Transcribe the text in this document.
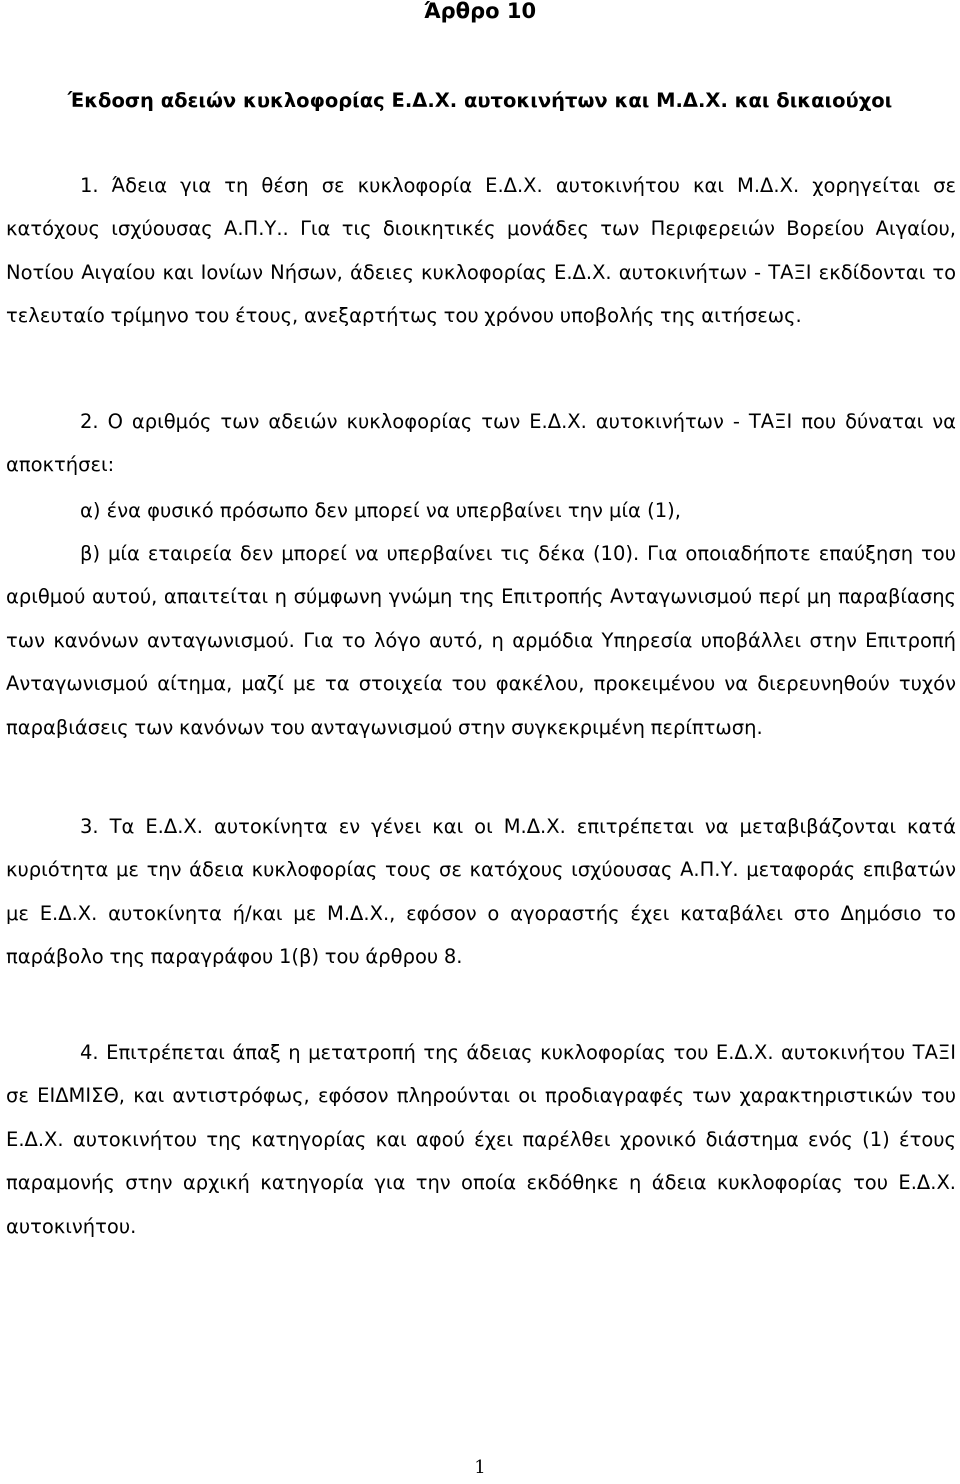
Άρθρο 10
Έκδοση αδειών κυκλοφορίας Ε.Δ.Χ. αυτοκινήτων και Μ.Δ.Χ. και δικαιούχοι

1. Άδεια για τη θέση σε κυκλοφορία Ε.Δ.Χ. αυτοκινήτου και Μ.Δ.Χ. χορηγείται σε κατόχους ισχύουσας Α.Π.Υ.. Για τις διοικητικές μονάδες των Περιφερειών Βορείου Αιγαίου, Νοτίου Αιγαίου και Ιονίων Νήσων, άδειες κυκλοφορίας Ε.Δ.Χ. αυτοκινήτων - ΤΑΞΙ εκδίδονται το τελευταίο τρίμηνο του έτους, ανεξαρτήτως του χρόνου υποβολής της αιτήσεως.

2. Ο αριθμός των αδειών κυκλοφορίας των Ε.Δ.Χ. αυτοκινήτων - ΤΑΞΙ που δύναται να αποκτήσει:

α) ένα φυσικό πρόσωπο δεν μπορεί να υπερβαίνει την μία (1),

β) μία εταιρεία δεν μπορεί να υπερβαίνει τις δέκα (10). Για οποιαδήποτε επαύξηση του αριθμού αυτού, απαιτείται η σύμφωνη γνώμη της Επιτροπής Ανταγωνισμού περί μη παραβίασης των κανόνων ανταγωνισμού. Για το λόγο αυτό, η αρμόδια Υπηρεσία υποβάλλει στην Επιτροπή Ανταγωνισμού αίτημα, μαζί με τα στοιχεία του φακέλου, προκειμένου να διερευνηθούν τυχόν παραβιάσεις των κανόνων του ανταγωνισμού στην συγκεκριμένη περίπτωση.

3. Τα Ε.Δ.Χ. αυτοκίνητα εν γένει και οι Μ.Δ.Χ. επιτρέπεται να μεταβιβάζονται κατά κυριότητα με την άδεια κυκλοφορίας τους σε κατόχους ισχύουσας Α.Π.Υ. μεταφοράς επιβατών με Ε.Δ.Χ. αυτοκίνητα ή/και με Μ.Δ.Χ., εφόσον ο αγοραστής έχει καταβάλει στο Δημόσιο το παράβολο της παραγράφου 1(β) του άρθρου 8.

4. Επιτρέπεται άπαξ η μετατροπή της άδειας κυκλοφορίας του Ε.Δ.Χ. αυτοκινήτου ΤΑΞΙ σε ΕΙΔΜΙΣΘ, και αντιστρόφως, εφόσον πληρούνται οι προδιαγραφές των χαρακτηριστικών του Ε.Δ.Χ. αυτοκινήτου της κατηγορίας και αφού έχει παρέλθει χρονικό διάστημα ενός (1) έτους παραμονής στην αρχική κατηγορία για την οποία εκδόθηκε η άδεια κυκλοφορίας του Ε.Δ.Χ. αυτοκινήτου.

1
